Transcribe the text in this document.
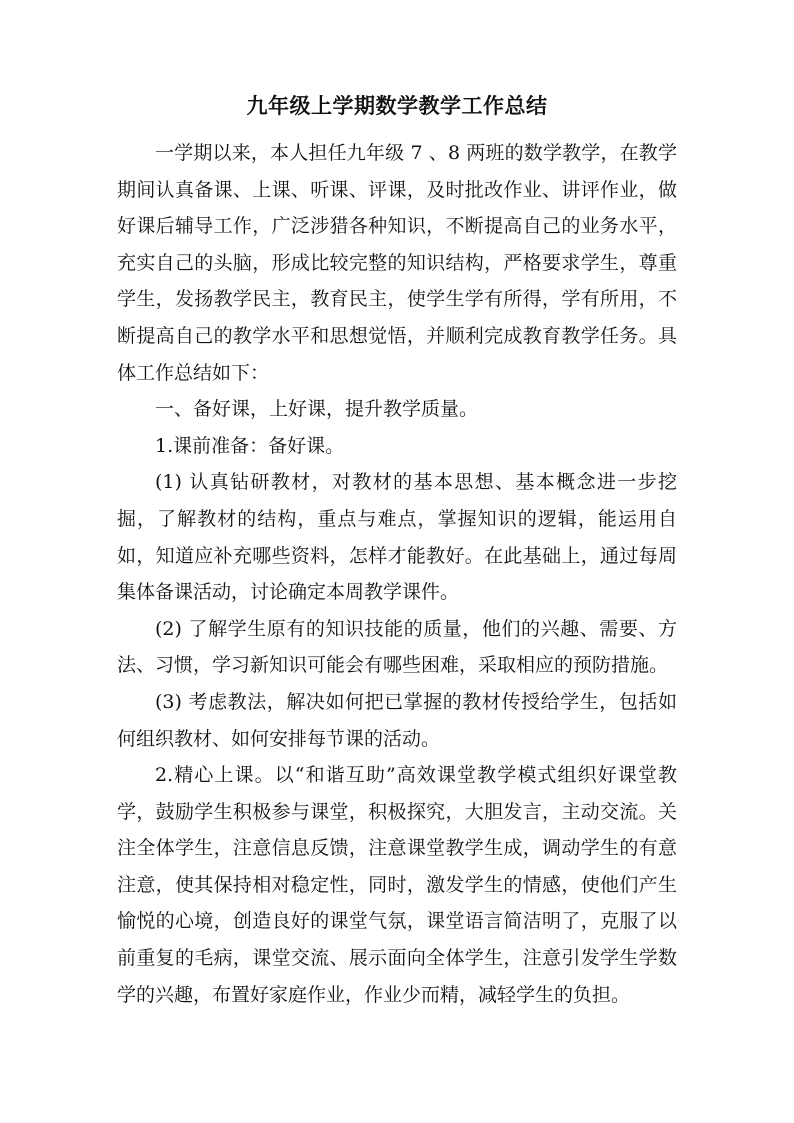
九年级上学期数学教学工作总结

一学期以来，本人担任九年级 7 、8 两班的数学教学，在教学期间认真备课、上课、听课、评课，及时批改作业、讲评作业，做好课后辅导工作，广泛涉猎各种知识，不断提高自己的业务水平，充实自己的头脑，形成比较完整的知识结构，严格要求学生，尊重学生，发扬教学民主，教育民主，使学生学有所得，学有所用，不断提高自己的教学水平和思想觉悟，并顺利完成教育教学任务。具体工作总结如下：

一、备好课，上好课，提升教学质量。

1.课前准备：备好课。

(1) 认真钻研教材，对教材的基本思想、基本概念进一步挖掘，了解教材的结构，重点与难点，掌握知识的逻辑，能运用自如，知道应补充哪些资料，怎样才能教好。在此基础上，通过每周集体备课活动，讨论确定本周教学课件。

(2) 了解学生原有的知识技能的质量，他们的兴趣、需要、方法、习惯，学习新知识可能会有哪些困难，采取相应的预防措施。

(3) 考虑教法，解决如何把已掌握的教材传授给学生，包括如何组织教材、如何安排每节课的活动。

2.精心上课。以“和谐互助”高效课堂教学模式组织好课堂教学，鼓励学生积极参与课堂，积极探究，大胆发言，主动交流。关注全体学生，注意信息反馈，注意课堂教学生成，调动学生的有意注意，使其保持相对稳定性，同时，激发学生的情感，使他们产生愉悦的心境，创造良好的课堂气氛，课堂语言简洁明了，克服了以前重复的毛病，课堂交流、展示面向全体学生，注意引发学生学数学的兴趣，布置好家庭作业，作业少而精，减轻学生的负担。
